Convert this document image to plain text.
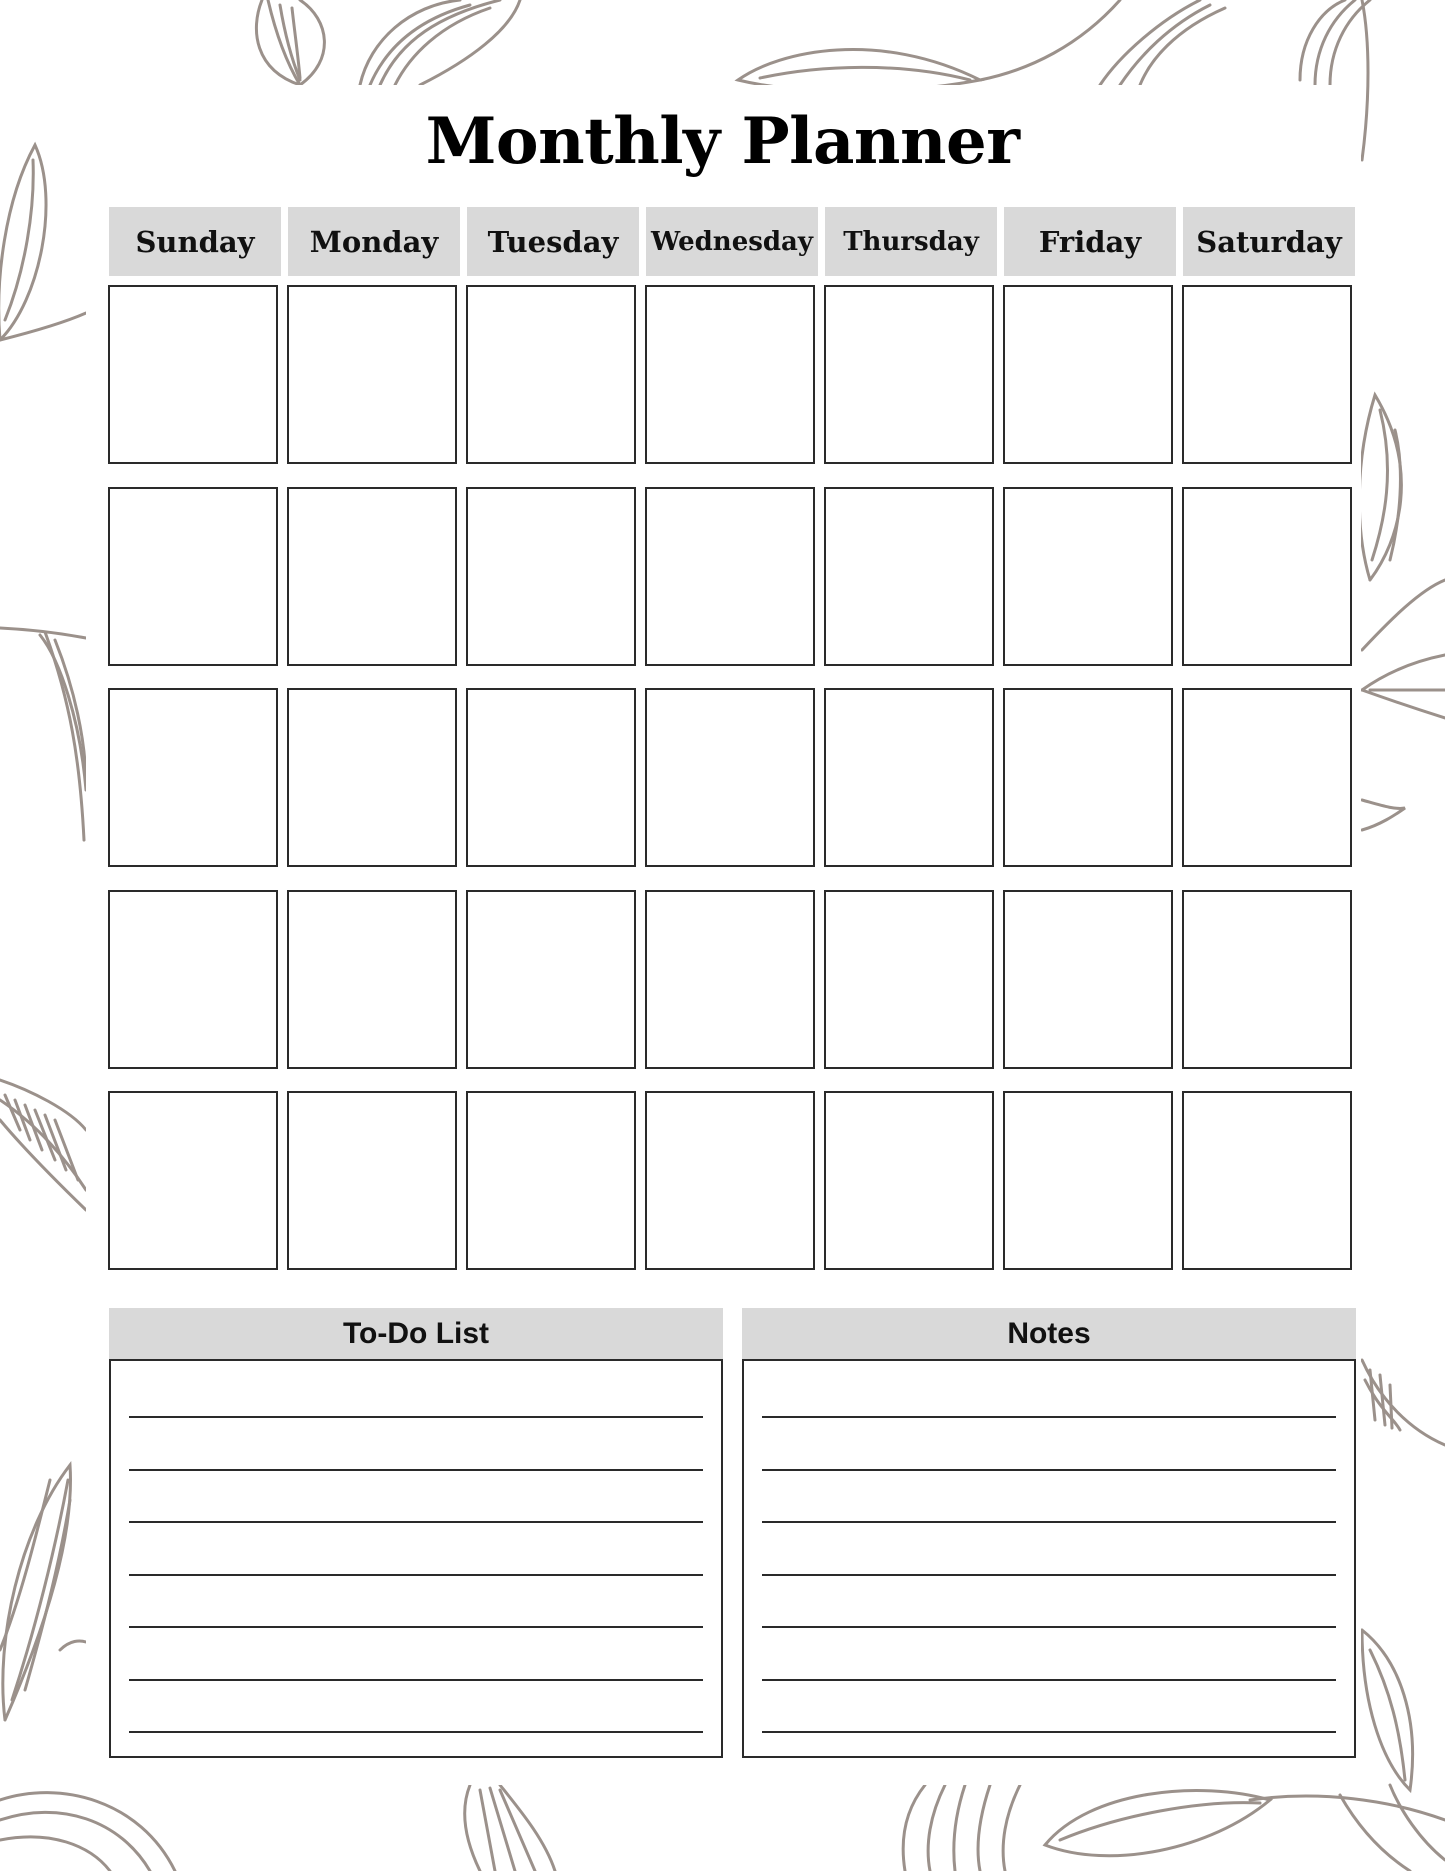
Monthly Planner
Sunday	Monday	Tuesday	Wednesday	Thursday	Friday	Saturday
To-Do List	Notes
